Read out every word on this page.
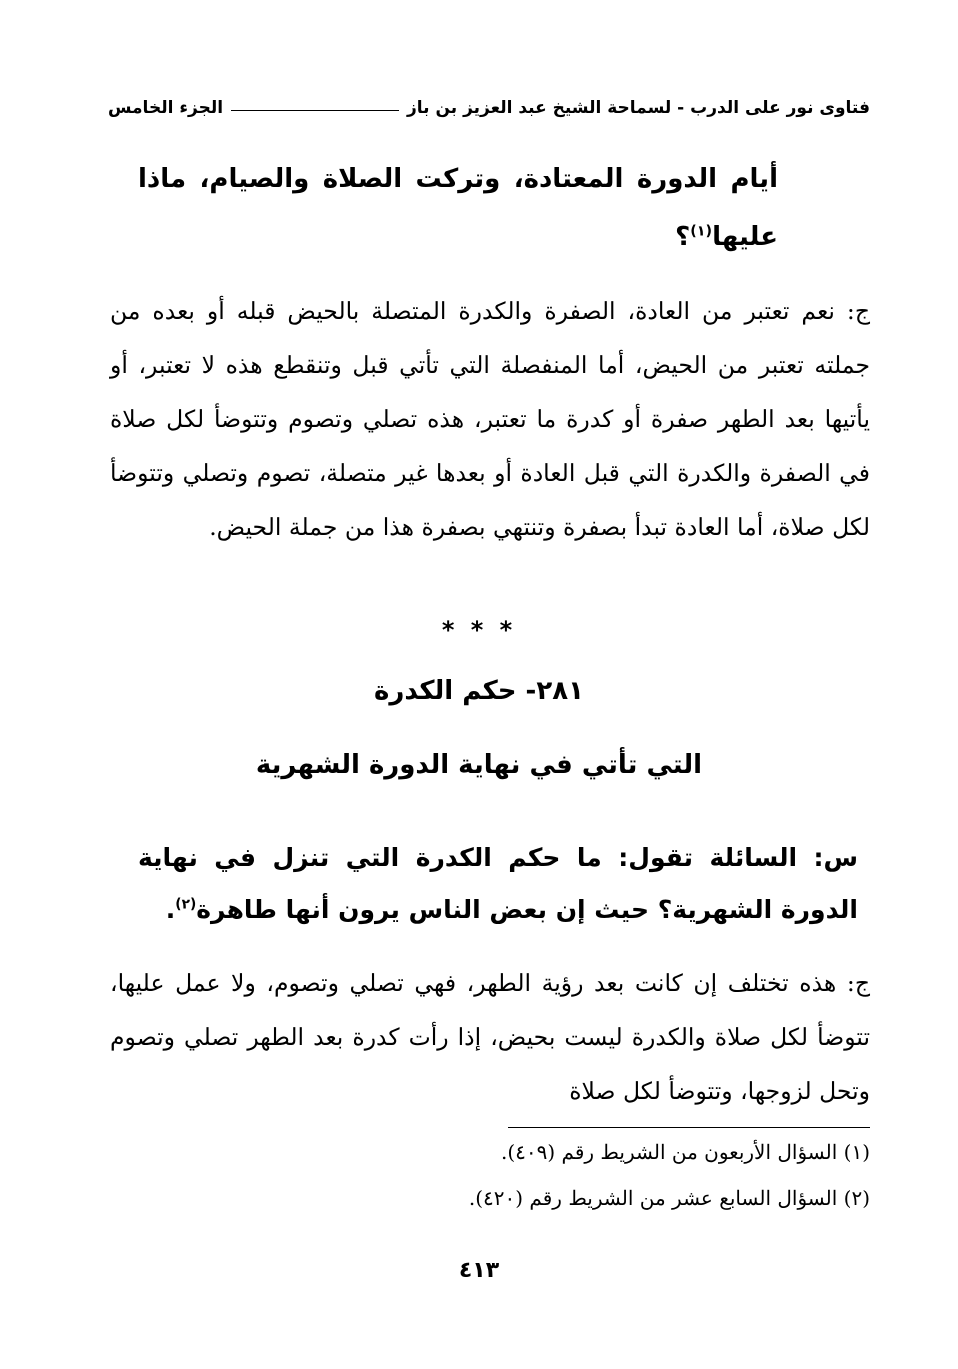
فتاوى نور على الدرب - لسماحة الشيخ عبد العزيز بن باز
الجزء الخامس
أيام الدورة المعتادة، وتركت الصلاة والصيام، ماذا عليها$^{(١)}$؟
ج: نعم تعتبر من العادة، الصفرة والكدرة المتصلة بالحيض قبله أو بعده من جملته تعتبر من الحيض، أما المنفصلة التي تأتي قبل وتنقطع هذه لا تعتبر، أو يأتيها بعد الطهر صفرة أو كدرة ما تعتبر، هذه تصلي وتصوم وتتوضأ لكل صلاة في الصفرة والكدرة التي قبل العادة أو بعدها غير متصلة، تصوم وتصلي وتتوضأ لكل صلاة، أما العادة تبدأ بصفرة وتنتهي بصفرة هذا من جملة الحيض.
* * *
٢٨١- حكم الكدرة
التي تأتي في نهاية الدورة الشهرية
س: السائلة تقول: ما حكم الكدرة التي تنزل في نهاية الدورة الشهرية؟ حيث إن بعض الناس يرون أنها طاهرة$^{(٢)}$.
ج: هذه تختلف إن كانت بعد رؤية الطهر، فهي تصلي وتصوم، ولا عمل عليها، تتوضأ لكل صلاة والكدرة ليست بحيض، إذا رأت كدرة بعد الطهر تصلي وتصوم وتحل لزوجها، وتتوضأ لكل صلاة
(١) السؤال الأربعون من الشريط رقم (٤٠٩).
(٢) السؤال السابع عشر من الشريط رقم (٤٢٠).
٤١٣
